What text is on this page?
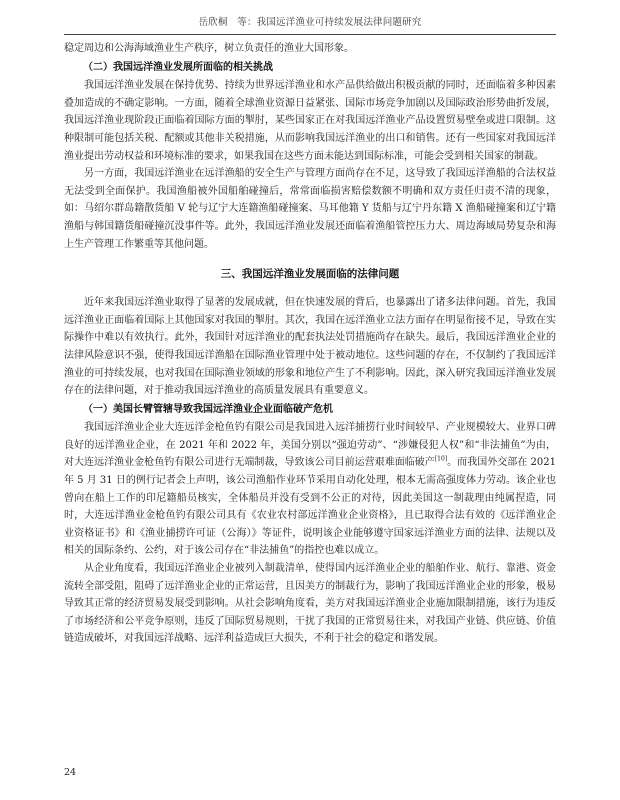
岳欣桐　等：我国远洋渔业可持续发展法律问题研究

稳定周边和公海海域渔业生产秩序，树立负责任的渔业大国形象。

（二）我国远洋渔业发展所面临的相关挑战

我国远洋渔业发展在保持优势、持续为世界远洋渔业和水产品供给做出积极贡献的同时，还面临着多种因素叠加造成的不确定影响。一方面，随着全球渔业资源日益紧张、国际市场竞争加剧以及国际政治形势曲折发展，我国远洋渔业现阶段正面临着国际方面的掣肘，某些国家正在对我国远洋渔业产品设置贸易壁垒或进口限制。这种限制可能包括关税、配额或其他非关税措施，从而影响我国远洋渔业的出口和销售。还有一些国家对我国远洋渔业提出劳动权益和环境标准的要求，如果我国在这些方面未能达到国际标准，可能会受到相关国家的制裁。

另一方面，我国远洋渔业在远洋渔船的安全生产与管理方面尚存在不足，这导致了我国远洋渔船的合法权益无法受到全面保护。我国渔船被外国船舶碰撞后，常常面临损害赔偿数额不明确和双方责任归责不清的现象，如：马绍尔群岛籍散货船 V 轮与辽宁大连籍渔船碰撞案、马耳他籍 Y 货船与辽宁丹东籍 X 渔船碰撞案和辽宁籍渔船与韩国籍货船碰撞沉没事件等。此外，我国远洋渔业发展还面临着渔船管控压力大、周边海域局势复杂和海上生产管理工作繁重等其他问题。

三、我国远洋渔业发展面临的法律问题

近年来我国远洋渔业取得了显著的发展成就，但在快速发展的背后，也暴露出了诸多法律问题。首先，我国远洋渔业正面临着国际上其他国家对我国的掣肘。其次，我国在远洋渔业立法方面存在明显衔接不足，导致在实际操作中难以有效执行。此外，我国针对远洋渔业的配套执法处罚措施尚存在缺失。最后，我国远洋渔业企业的法律风险意识不强，使得我国远洋渔船在国际渔业管理中处于被动地位。这些问题的存在，不仅制约了我国远洋渔业的可持续发展，也对我国在国际渔业领域的形象和地位产生了不利影响。因此，深入研究我国远洋渔业发展存在的法律问题，对于推动我国远洋渔业的高质量发展具有重要意义。

（一）美国长臂管辖导致我国远洋渔业企业面临破产危机

我国远洋渔业企业大连远洋金枪鱼钓有限公司是我国进入远洋捕捞行业时间较早、产业规模较大、业界口碑良好的远洋渔业企业，在 2021 年和 2022 年，美国分别以“强迫劳动”、“涉嫌侵犯人权”和“非法捕鱼”为由，对大连远洋渔业金枪鱼钓有限公司进行无端制裁，导致该公司目前运营艰难面临破产[10]。而我国外交部在 2021 年 5 月 31 日的例行记者会上声明，该公司渔船作业环节采用自动化处理，根本无需高强度体力劳动。该企业也曾向在船上工作的印尼籍船员核实，全体船员并没有受到不公正的对待，因此美国这一制裁理由纯属捏造，同时，大连远洋渔业金枪鱼钓有限公司具有《农业农村部远洋渔业企业资格》，且已取得合法有效的《远洋渔业企业资格证书》和《渔业捕捞许可证（公海）》等证件，说明该企业能够遵守国家远洋渔业方面的法律、法规以及相关的国际条约、公约，对于该公司存在“非法捕鱼”的指控也难以成立。

从企业角度看，我国远洋渔业企业被列入制裁清单，使得国内远洋渔业企业的船舶作业、航行、靠港、资金流转全部受阻，阻碍了远洋渔业企业的正常运营，且因美方的制裁行为，影响了我国远洋渔业企业的形象，极易导致其正常的经济贸易发展受到影响。从社会影响角度看，美方对我国远洋渔业企业施加限制措施，该行为违反了市场经济和公平竞争原则，违反了国际贸易规则，干扰了我国的正常贸易往来，对我国产业链、供应链、价值链造成破坏，对我国远洋战略、远洋利益造成巨大损失，不利于社会的稳定和谐发展。

24
